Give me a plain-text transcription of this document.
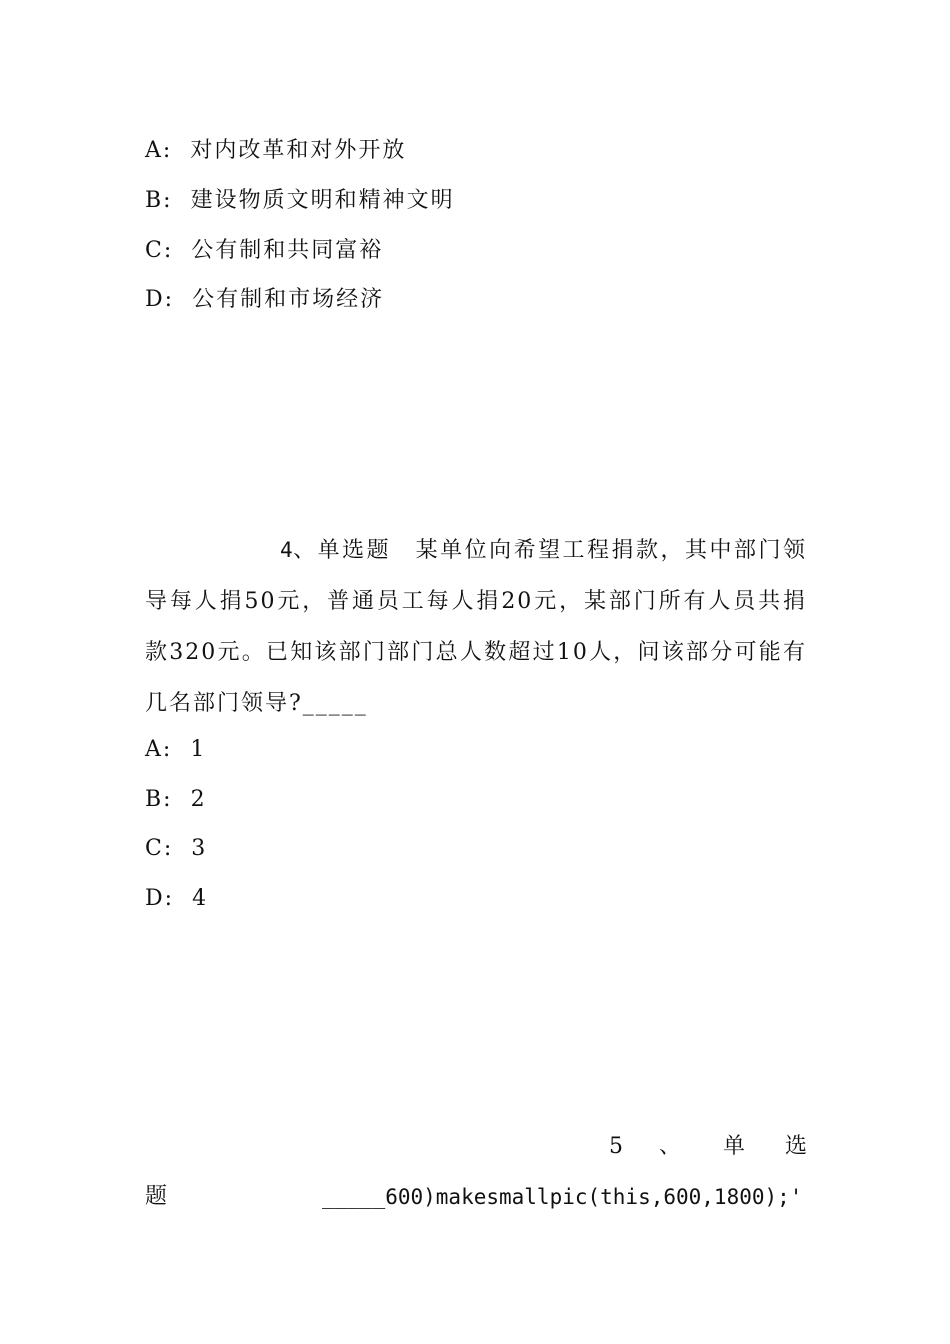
A: 对内改革和对外开放
B: 建设物质文明和精神文明
C: 公有制和共同富裕
D: 公有制和市场经济
4、单选题　某单位向希望工程捐款，其中部门领导每人捐50元，普通员工每人捐20元，某部门所有人员共捐款320元。已知该部门部门总人数超过10人，问该部分可能有几名部门领导?_____
A: 1
B: 2
C: 3
D: 4
5 、 单 选
题	_____600)makesmallpic(this,600,1800);'
